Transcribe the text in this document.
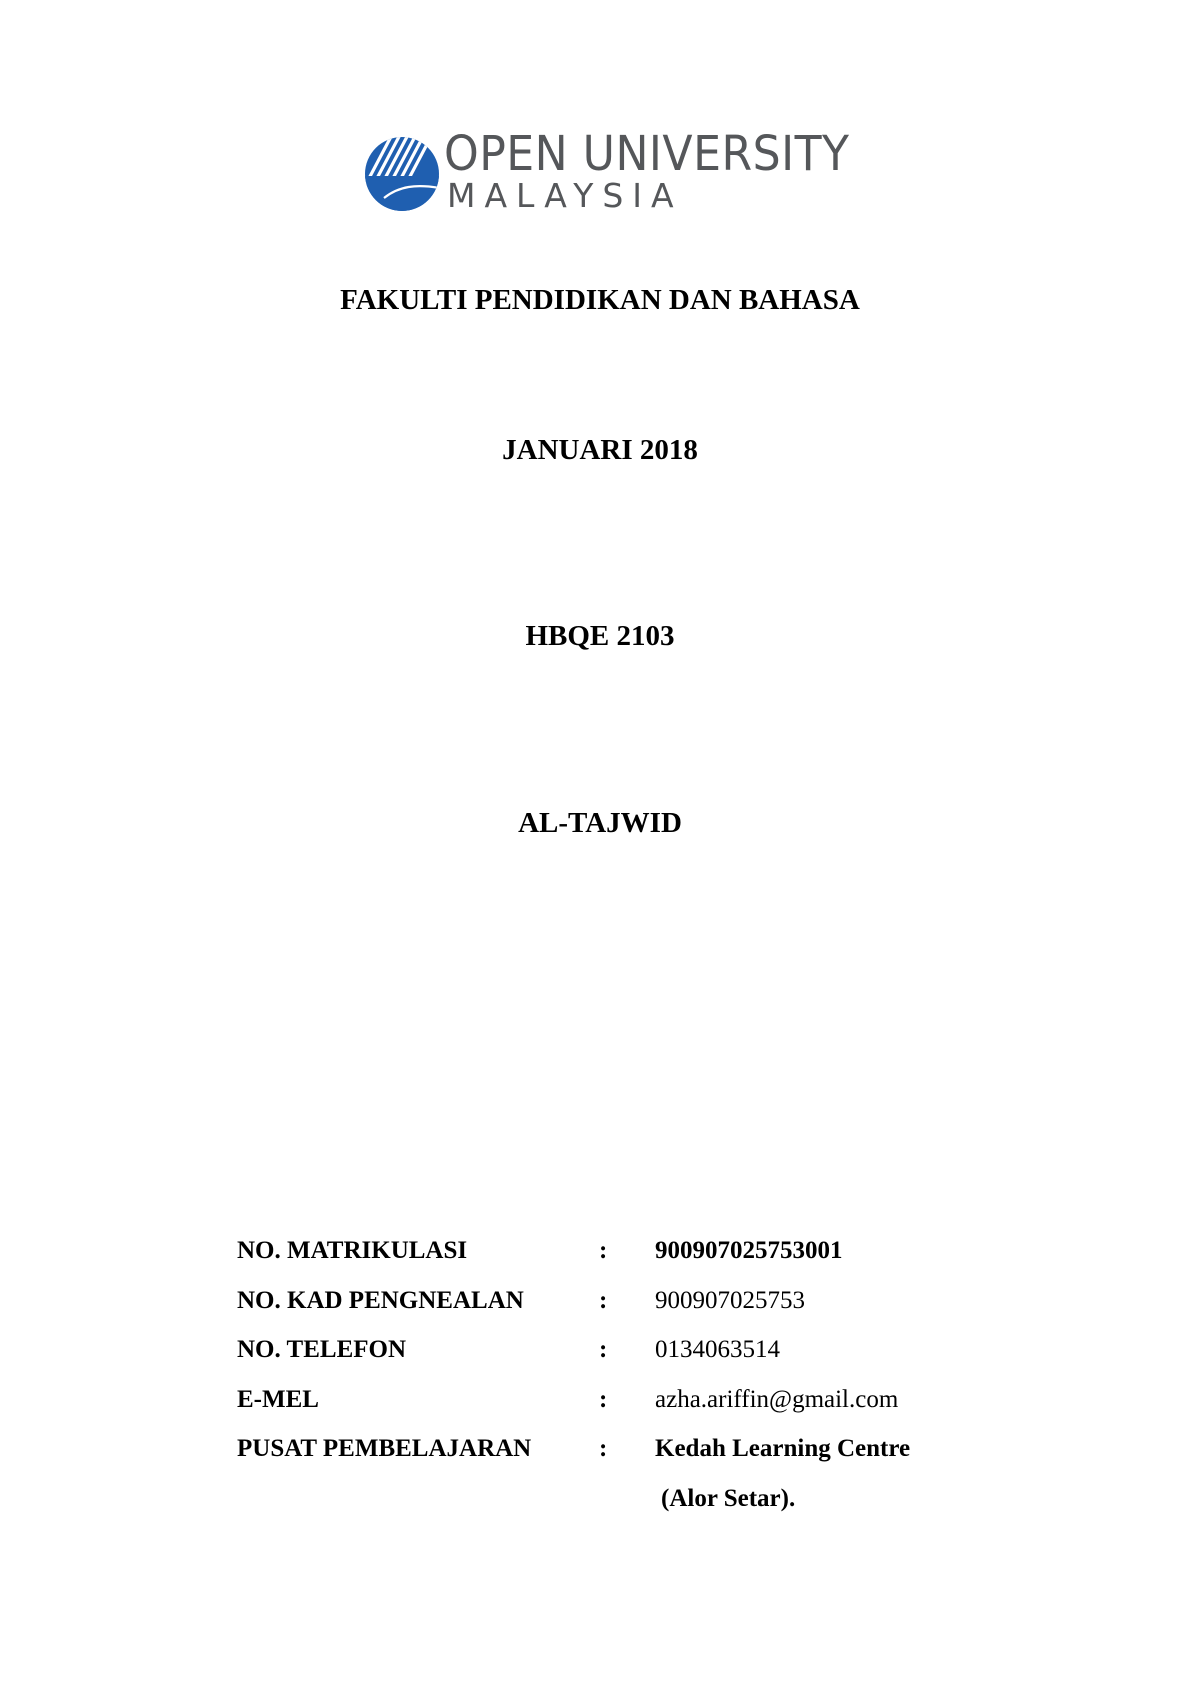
OPEN UNIVERSITY
MALAYSIA
FAKULTI PENDIDIKAN DAN BAHASA
JANUARI 2018
HBQE 2103
AL-TAJWID
NO. MATRIKULASI	: 900907025753001
NO. KAD PENGNEALAN	: 900907025753
NO. TELEFON	: 0134063514
E-MEL	: azha.ariffin@gmail.com
PUSAT PEMBELAJARAN	: Kedah Learning Centre
(Alor Setar).
